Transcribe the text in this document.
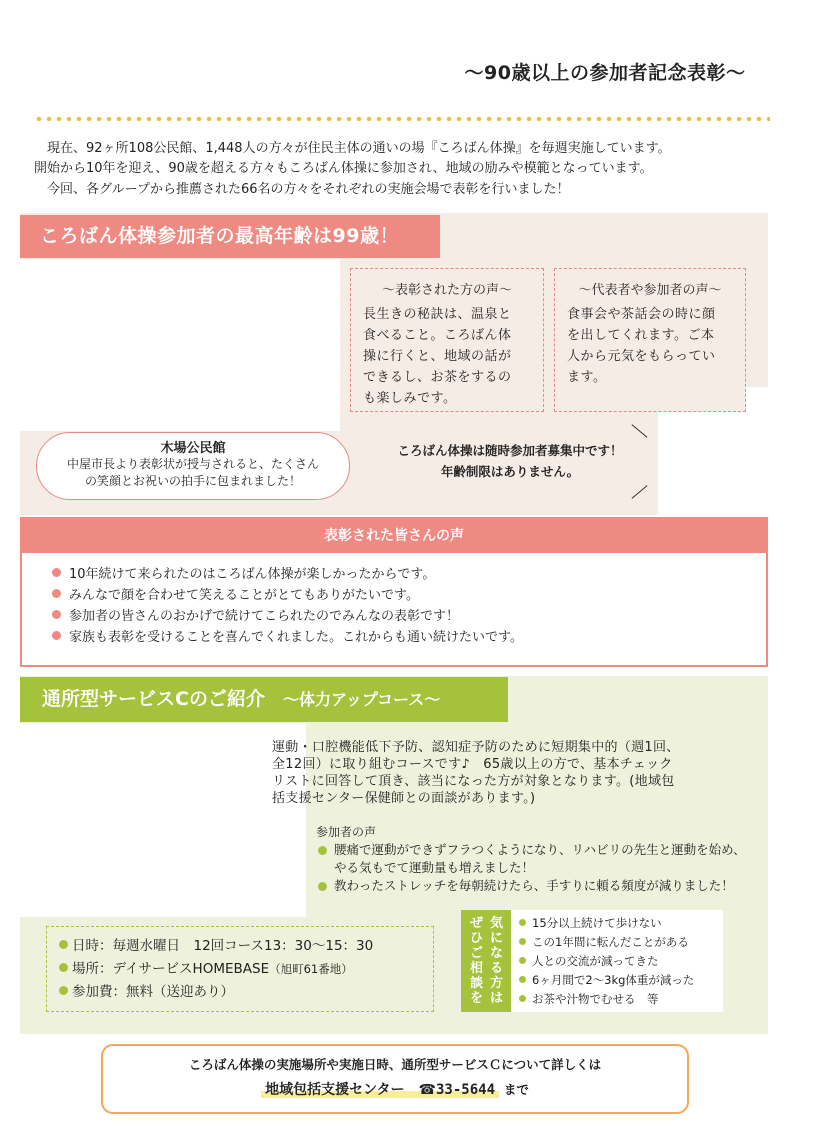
～90歳以上の参加者記念表彰～
　現在、92ヶ所108公民館、1,448人の方々が住民主体の通いの場『ころばん体操』を毎週実施しています。
開始から10年を迎え、90歳を超える方々もころばん体操に参加され、地域の励みや模範となっています。
　今回、各グループから推薦された66名の方々をそれぞれの実施会場で表彰を行いました！
ころばん体操参加者の最高年齢は99歳！
～表彰された方の声～
長生きの秘訣は、温泉と
食べること。ころばん体
操に行くと、地域の話が
できるし、お茶をするの
も楽しみです。
～代表者や参加者の声～
食事会や茶話会の時に顔
を出してくれます。ご本
人から元気をもらってい
ます。
木場公民館
中屋市長より表彰状が授与されると、たくさん
の笑顔とお祝いの拍手に包まれました！
ころばん体操は随時参加者募集中です！
年齢制限はありません。
表彰された皆さんの声
10年続けて来られたのはころばん体操が楽しかったからです。
みんなで顔を合わせて笑えることがとてもありがたいです。
参加者の皆さんのおかげで続けてこられたのでみんなの表彰です！
家族も表彰を受けることを喜んでくれました。これからも通い続けたいです。
通所型サービスCのご紹介 ～体力アップコース～
運動・口腔機能低下予防、認知症予防のために短期集中的（週1回、
全12回）に取り組むコースです♪　65歳以上の方で、基本チェック
リストに回答して頂き、該当になった方が対象となります。(地域包
括支援センター保健師との面談があります。)
参加者の声
腰痛で運動ができずフラつくようになり、リハビリの先生と運動を始め、やる気もでて運動量も増えました！
教わったストレッチを毎朝続けたら、手すりに頼る頻度が減りました！
日時：毎週水曜日　12回コース13：30～15：30
場所：デイサービスHOMEBASE（旭町61番地）
参加費：無料（送迎あり）
気
に
な
る
方
は
ぜ
ひ
ご
相
談
を
15分以上続けて歩けない
この1年間に転んだことがある
人との交流が減ってきた
6ヶ月間で2～3kg体重が減った
お茶や汁物でむせる　等
ころばん体操の実施場所や実施日時、通所型サービスＣについて詳しくは
地域包括支援センター　 ☎33-5644 まで
